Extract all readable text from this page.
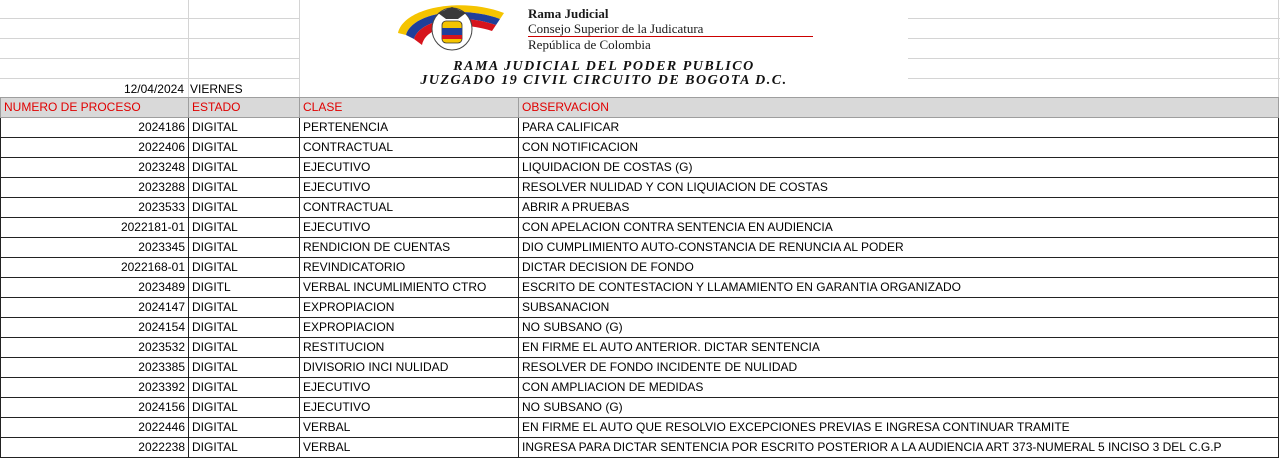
Rama Judicial
Consejo Superior de la Judicatura
República de Colombia
RAMA JUDICIAL DEL PODER PUBLICO
JUZGADO 19 CIVIL CIRCUITO DE BOGOTA D.C.
12/04/2024 VIERNES
NUMERO DE PROCESO	ESTADO	CLASE	OBSERVACION
2024186	DIGITAL	PERTENENCIA	PARA CALIFICAR
2022406	DIGITAL	CONTRACTUAL	CON NOTIFICACION
2023248	DIGITAL	EJECUTIVO	LIQUIDACION DE COSTAS (G)
2023288	DIGITAL	EJECUTIVO	RESOLVER NULIDAD Y CON LIQUIACION DE COSTAS
2023533	DIGITAL	CONTRACTUAL	ABRIR A PRUEBAS
2022181-01	DIGITAL	EJECUTIVO	CON APELACION CONTRA SENTENCIA EN AUDIENCIA
2023345	DIGITAL	RENDICION DE CUENTAS	DIO CUMPLIMIENTO AUTO-CONSTANCIA DE RENUNCIA AL PODER
2022168-01	DIGITAL	REVINDICATORIO	DICTAR DECISION DE FONDO
2023489	DIGITL	VERBAL INCUMLIMIENTO CTRO	ESCRITO DE CONTESTACION Y LLAMAMIENTO EN GARANTIA ORGANIZADO
2024147	DIGITAL	EXPROPIACION	SUBSANACION
2024154	DIGITAL	EXPROPIACION	NO SUBSANO (G)
2023532	DIGITAL	RESTITUCION	EN FIRME EL AUTO ANTERIOR. DICTAR SENTENCIA
2023385	DIGITAL	DIVISORIO INCI NULIDAD	RESOLVER DE FONDO INCIDENTE DE NULIDAD
2023392	DIGITAL	EJECUTIVO	CON AMPLIACION DE MEDIDAS
2024156	DIGITAL	EJECUTIVO	NO SUBSANO (G)
2022446	DIGITAL	VERBAL	EN FIRME EL AUTO QUE RESOLVIO EXCEPCIONES PREVIAS E INGRESA CONTINUAR TRAMITE
2022238	DIGITAL	VERBAL	INGRESA PARA DICTAR SENTENCIA POR ESCRITO POSTERIOR A LA AUDIENCIA ART 373-NUMERAL 5 INCISO 3 DEL C.G.P
